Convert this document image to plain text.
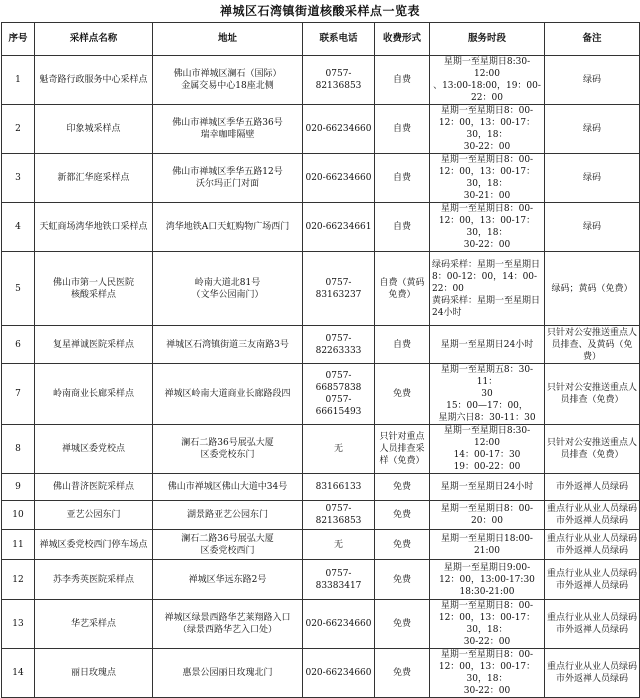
禅城区石湾镇街道核酸采样点一览表
序号	采样点名称	地址	联系电话	收费形式	服务时段	备注
1	魁奇路行政服务中心采样点	佛山市禅城区澜石（国际）
金属交易中心18座北侧	0757-82136853	自费	星期一至星期日8:30-12:00
、13:00-18:00，19：00-
22：00	绿码
2	印象城采样点	佛山市禅城区季华五路36号
瑞幸咖啡隔壁	020-66234660	自费	星期一至星期日8：00-
12：00，13：00-17：30，18：
30-22：00	绿码
3	新都汇华庭采样点	佛山市禅城区季华五路12号
沃尔玛正门对面	020-66234660	自费	星期一至星期日8：00-
12：00，13：00-17：30，18：
30-21：00	绿码
4	天虹商场湾华地铁口采样点	湾华地铁A口天虹购物广场西门	020-66234661	自费	星期一至星期日8：00-
12：00，13：00-17：30，18：
30-22：00	绿码
5	佛山市第一人民医院
核酸采样点	岭南大道北81号
（文华公园南门）	0757-83163237	自费（黄码
免费）	绿码采样：星期一至星期日
8：00-12：00，14：00-
22：00
黄码采样：星期一至星期日
24小时	绿码；黄码（免费）
6	复星禅诚医院采样点	禅城区石湾镇街道三友南路3号	0757-82263333	自费	星期一至星期日24小时	只针对公安推送重点人
员排查、及黄码（免
费）
7	岭南商业长廊采样点	禅城区岭南大道商业长廊路段四	0757-66857838
0757-66615493	免费	星期一至星期五8：30-11：
30
15：00—17：00，
星期六日8：30-11：30	只针对公安推送重点人
员排查（免费）
8	禅城区委党校点	澜石二路36号展弘大厦
区委党校东门	无	只针对重点
人员排查采
样（免费）	星期一至星期日8:30-12:00
14：00-17：30
19：00-22：00	只针对公安推送重点人
员排查（免费）
9	佛山普济医院采样点	佛山市禅城区佛山大道中34号	83166133	免费	星期一至星期日24小时	市外返禅人员绿码
10	亚艺公园东门	湖景路亚艺公园东门	0757-82136853	免费	星期一至星期日8：00-
20：00	重点行业从业人员绿码
市外返禅人员绿码
11	禅城区委党校西门停车场点	澜石二路36号展弘大厦
区委党校西门	无	免费	星期一至星期日18:00-
21:00	重点行业从业人员绿码
市外返禅人员绿码
12	苏李秀英医院采样点	禅城区华远东路2号	0757-83383417	免费	星期一至星期日9:00-
12：00，13:00-17:30
18:30-21:00	重点行业从业人员绿码
市外返禅人员绿码
13	华艺采样点	禅城区绿景西路华艺莱翔路入口
（绿景西路华艺入口处）	020-66234660	免费	星期一至星期日8：00-
12：00，13：00-17：30，18：
30-22：00	重点行业从业人员绿码
市外返禅人员绿码
14	丽日玫瑰点	惠景公园丽日玫瑰北门	020-66234660	免费	星期一至星期日8：00-
12：00，13：00-17：30，18：
30-22：00	重点行业从业人员绿码
市外返禅人员绿码
